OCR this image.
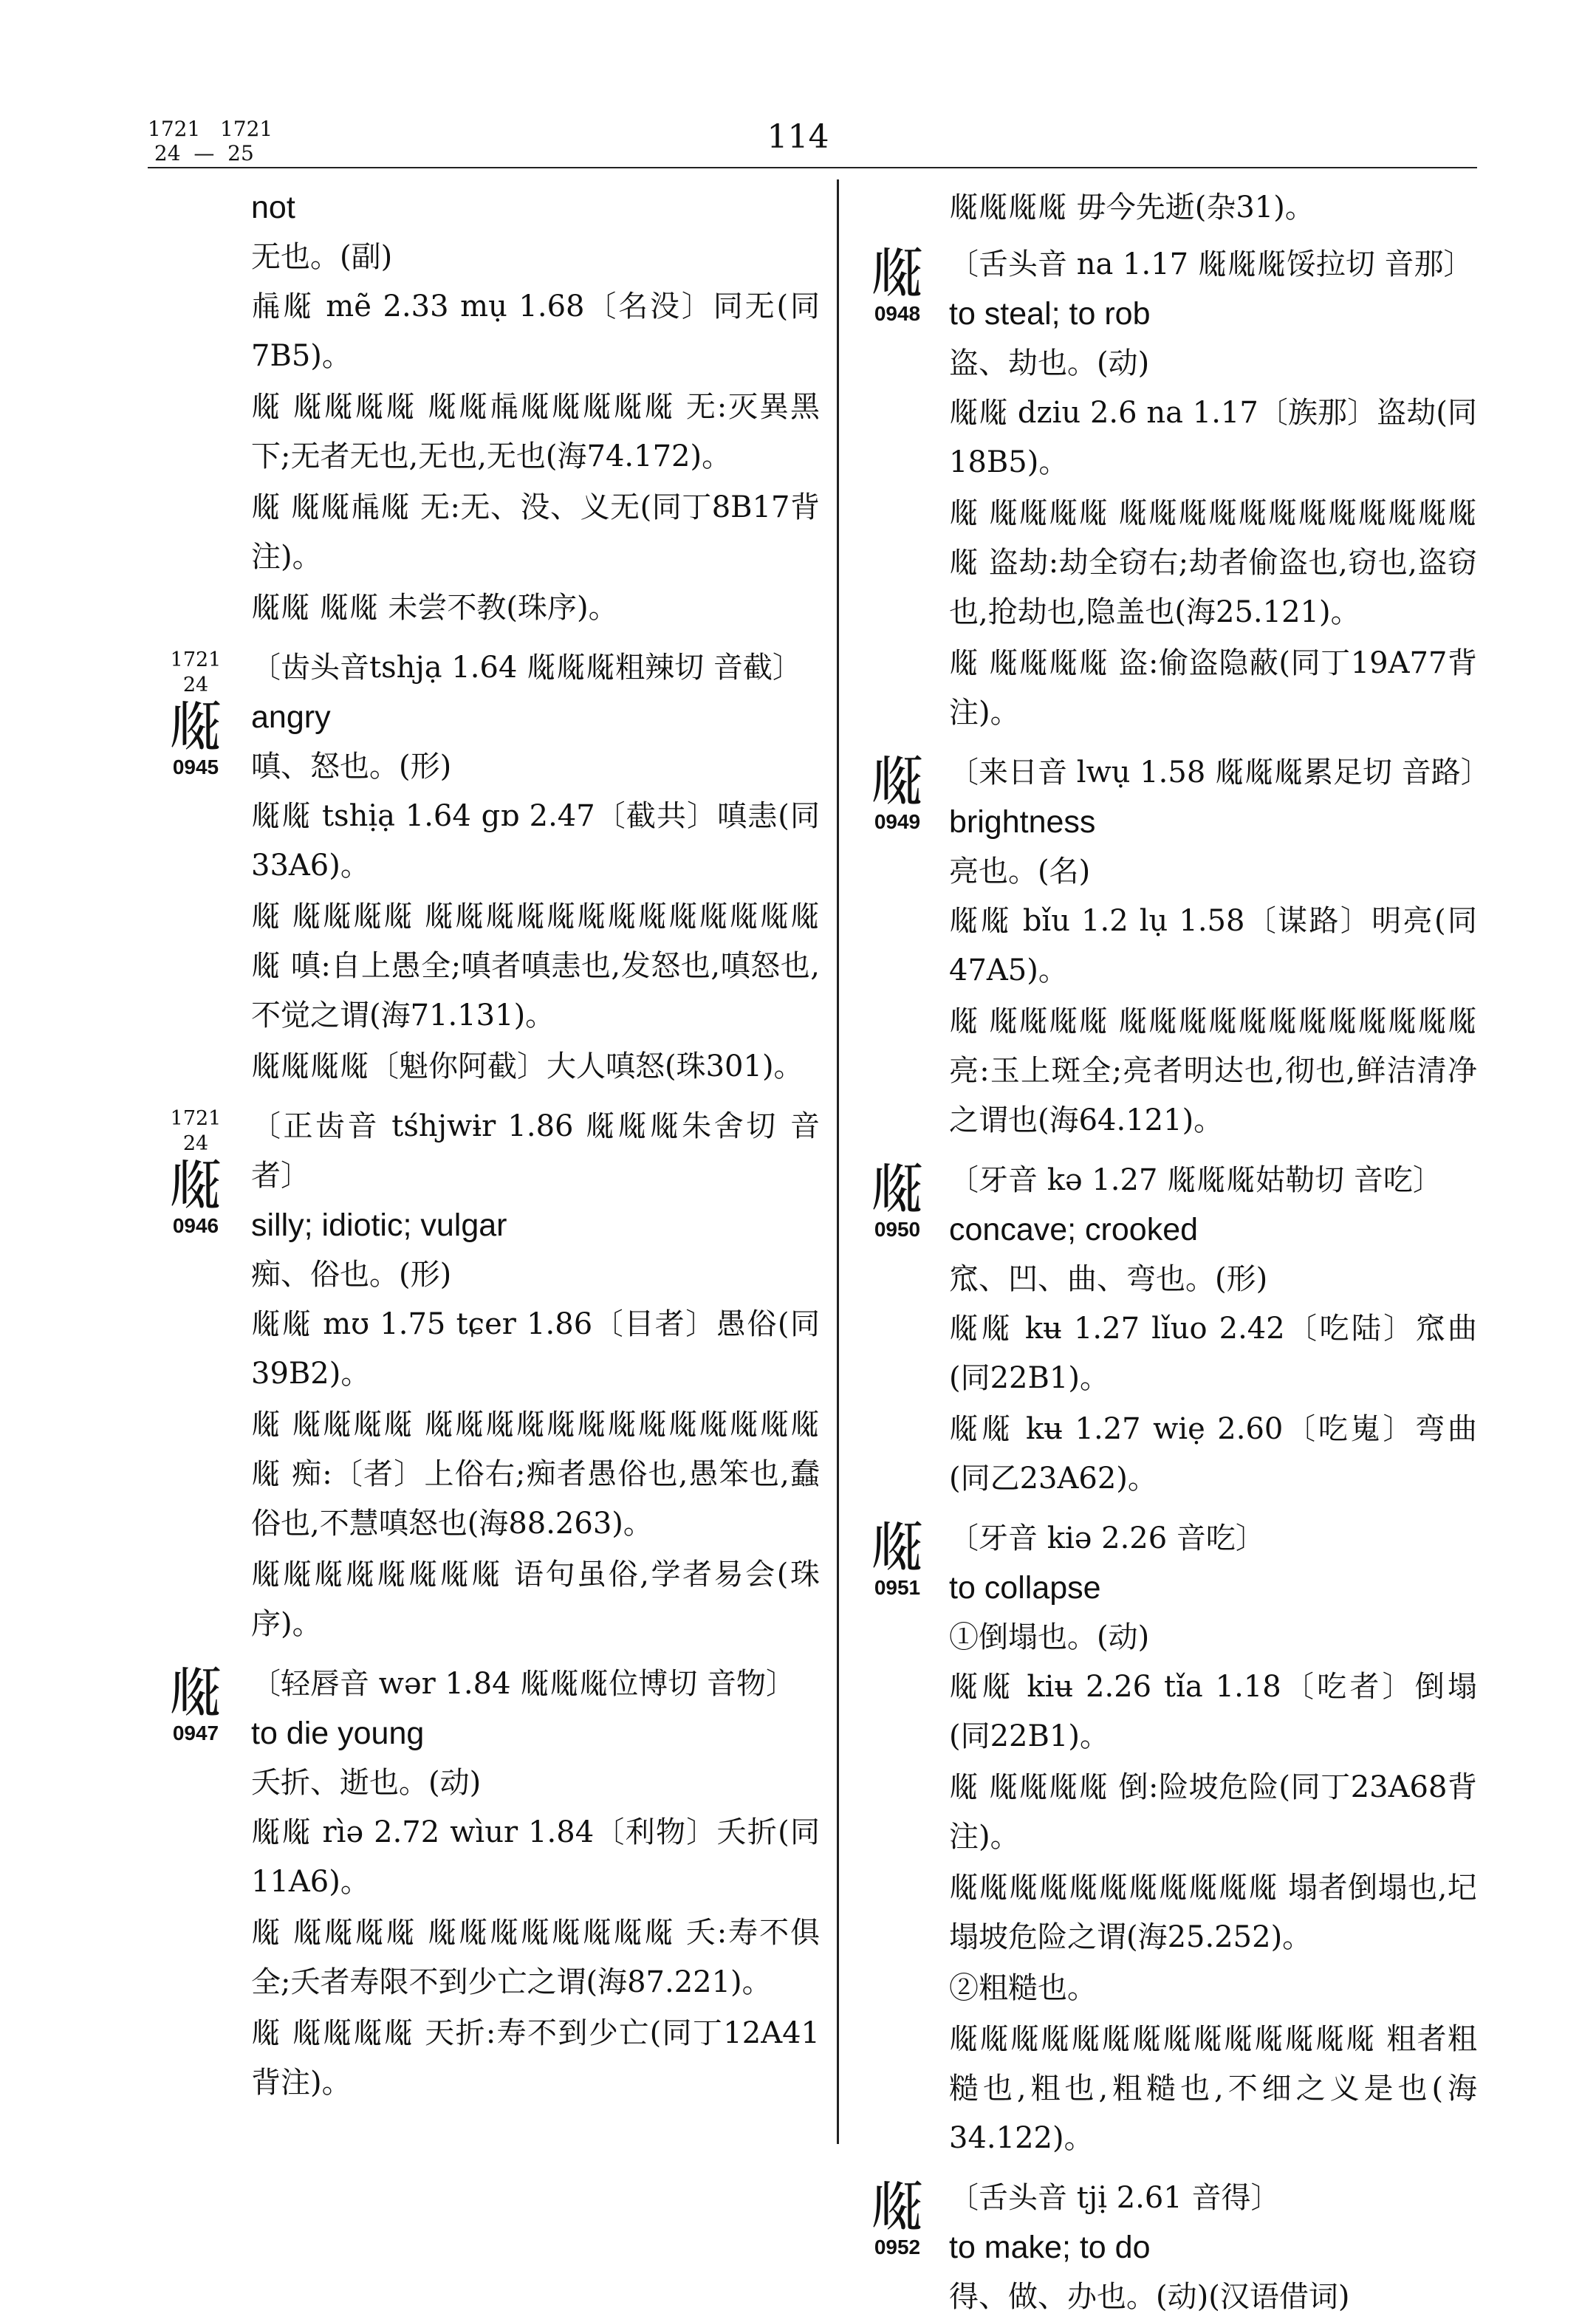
1721   1721
24  —  25	114
not
无也。(副)
𗍫𗅉 mẽ 2.33 mụ 1.68〔名没〕同无(同7B5)。
𗅉 𗅉𗅉𗅉𗅉 𗅉𗅉𗍫𗅉𗅉𗅉𗅉𗅉 无:灭異黑下;无者无也,无也,无也(海74.172)。
𗅉 𗅉𗅉𗍫𗅉 无:无、没、义无(同丁8B17背注)。
𗅉𗅉 𗅉𗅉 未尝不教(珠序)。
1721
24
𗅉
0945
〔齿头音tshjạ 1.64 𗅉𗅉𗅉粗辣切 音截〕
angry
嗔、怒也。(形)
𗅉𗅉 tshịạ 1.64 gɒ 2.47〔截共〕嗔恚(同33A6)。
𗅉 𗅉𗅉𗅉𗅉 𗅉𗅉𗅉𗅉𗅉𗅉𗅉𗅉𗅉𗅉𗅉𗅉𗅉𗅉 嗔:自上愚全;嗔者嗔恚也,发怒也,嗔怒也,不觉之谓(海71.131)。
𗅉𗅉𗅉𗅉〔魁你阿截〕大人嗔怒(珠301)。
1721
24
𗅉
0946
〔正齿音 tśhjwɨr 1.86 𗅉𗅉𗅉朱舍切 音者〕
silly; idiotic; vulgar
痴、俗也。(形)
𗅉𗅉 mʊ 1.75 tɕer 1.86〔目者〕愚俗(同39B2)。
𗅉 𗅉𗅉𗅉𗅉 𗅉𗅉𗅉𗅉𗅉𗅉𗅉𗅉𗅉𗅉𗅉𗅉𗅉𗅉 痴:〔者〕上俗右;痴者愚俗也,愚笨也,蠢俗也,不慧嗔怒也(海88.263)。
𗅉𗅉𗅉𗅉𗅉𗅉𗅉𗅉 语句虽俗,学者易会(珠序)。
𗅉
0947
〔轻唇音 wər 1.84 𗅉𗅉𗅉位博切 音物〕
to die young
夭折、逝也。(动)
𗅉𗅉 rìə 2.72 wìur 1.84〔利物〕夭折(同11A6)。
𗅉 𗅉𗅉𗅉𗅉 𗅉𗅉𗅉𗅉𗅉𗅉𗅉𗅉 夭:寿不俱全;夭者寿限不到少亡之谓(海87.221)。
𗅉 𗅉𗅉𗅉𗅉 天折:寿不到少亡(同丁12A41背注)。
𗅉𗅉𗅉𗅉 毋今先逝(杂31)。
𗅉
0948
〔舌头音 na 1.17 𗅉𗅉𗅉馁拉切 音那〕
to steal; to rob
盗、劫也。(动)
𗅉𗅉 dziu 2.6 na 1.17〔族那〕盗劫(同18B5)。
𗅉 𗅉𗅉𗅉𗅉 𗅉𗅉𗅉𗅉𗅉𗅉𗅉𗅉𗅉𗅉𗅉𗅉𗅉 盗劫:劫全窃右;劫者偷盗也,窃也,盗窃也,抢劫也,隐盖也(海25.121)。
𗅉 𗅉𗅉𗅉𗅉 盗:偷盗隐蔽(同丁19A77背注)。
𗅉
0949
〔来日音 lwụ 1.58 𗅉𗅉𗅉累足切 音路〕
brightness
亮也。(名)
𗅉𗅉 bǐu 1.2 lụ 1.58〔谋路〕明亮(同47A5)。
𗅉 𗅉𗅉𗅉𗅉 𗅉𗅉𗅉𗅉𗅉𗅉𗅉𗅉𗅉𗅉𗅉𗅉 亮:玉上斑全;亮者明达也,彻也,鲜洁清净之谓也(海64.121)。
𗅉
0950
〔牙音 kə 1.27 𗅉𗅉𗅉姑勒切 音吃〕
concave; crooked
窊、凹、曲、弯也。(形)
𗅉𗅉 kʉ 1.27 lǐuo 2.42〔吃陆〕窊曲(同22B1)。
𗅉𗅉 kʉ 1.27 wiẹ 2.60〔吃嵬〕弯曲(同乙23A62)。
𗅉
0951
〔牙音 kiə 2.26 音吃〕
to collapse
①倒塌也。(动)
𗅉𗅉 kiʉ 2.26 tǐa 1.18〔吃者〕倒塌(同22B1)。
𗅉 𗅉𗅉𗅉𗅉 倒:险坡危险(同丁23A68背注)。
𗅉𗅉𗅉𗅉𗅉𗅉𗅉𗅉𗅉𗅉𗅉 塌者倒塌也,圮塌坡危险之谓(海25.252)。
②粗糙也。
𗅉𗅉𗅉𗅉𗅉𗅉𗅉𗅉𗅉𗅉𗅉𗅉𗅉𗅉 粗者粗糙也,粗也,粗糙也,不细之义是也(海34.122)。
𗅉
0952
〔舌头音 tjị 2.61 音得〕
to make; to do
得、做、办也。(动)(汉语借词)
